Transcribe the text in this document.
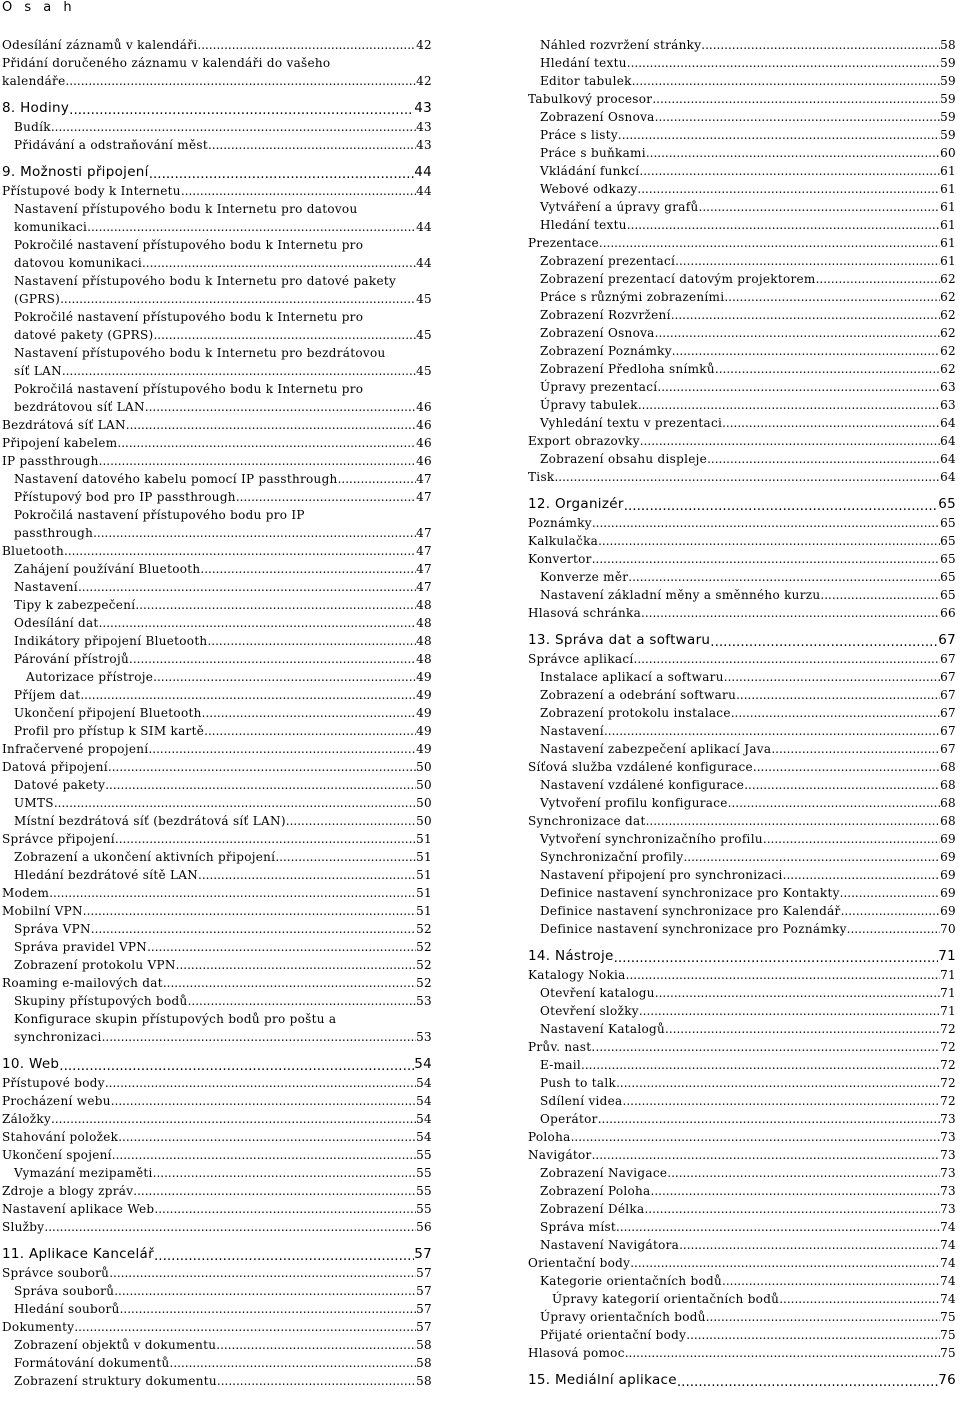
O s a h
Odesílání záznamů v kalendáři .....	42
Přidání doručeného záznamu v kalendáři do vašeho
kalendáře .....	42
8. Hodiny .....	43
Budík .....	43
Přidávání a odstraňování měst .....	43
9. Možnosti připojení .....	44
Přístupové body k Internetu .....	44
Nastavení přístupového bodu k Internetu pro datovou
komunikaci .....	44
Pokročilé nastavení přístupového bodu k Internetu pro
datovou komunikaci .....	44
Nastavení přístupového bodu k Internetu pro datové pakety
(GPRS) .....	45
Pokročilé nastavení přístupového bodu k Internetu pro
datové pakety (GPRS) .....	45
Nastavení přístupového bodu k Internetu pro bezdrátovou
síť LAN .....	45
Pokročilá nastavení přístupového bodu k Internetu pro
bezdrátovou síť LAN .....	46
Bezdrátová síť LAN .....	46
Připojení kabelem .....	46
IP passthrough .....	46
Nastavení datového kabelu pomocí IP passthrough .....	47
Přístupový bod pro IP passthrough .....	47
Pokročilá nastavení přístupového bodu pro IP
passthrough .....	47
Bluetooth .....	47
Zahájení používání Bluetooth .....	47
Nastavení .....	47
Tipy k zabezpečení .....	48
Odesílání dat .....	48
Indikátory připojení Bluetooth .....	48
Párování přístrojů .....	48
Autorizace přístroje .....	49
Příjem dat .....	49
Ukončení připojení Bluetooth .....	49
Profil pro přístup k SIM kartě .....	49
Infračervené propojení .....	49
Datová připojení .....	50
Datové pakety .....	50
UMTS .....	50
Místní bezdrátová síť (bezdrátová síť LAN) .....	50
Správce připojení .....	51
Zobrazení a ukončení aktivních připojení .....	51
Hledání bezdrátové sítě LAN .....	51
Modem .....	51
Mobilní VPN .....	51
Správa VPN .....	52
Správa pravidel VPN .....	52
Zobrazení protokolu VPN .....	52
Roaming e-mailových dat .....	52
Skupiny přístupových bodů .....	53
Konfigurace skupin přístupových bodů pro poštu a
synchronizaci .....	53
10. Web .....	54
Přístupové body .....	54
Procházení webu .....	54
Záložky .....	54
Stahování položek .....	54
Ukončení spojení .....	55
Vymazání mezipaměti .....	55
Zdroje a blogy zpráv .....	55
Nastavení aplikace Web .....	55
Služby .....	56
11. Aplikace Kancelář .....	57
Správce souborů .....	57
Správa souborů .....	57
Hledání souborů .....	57
Dokumenty .....	57
Zobrazení objektů v dokumentu .....	58
Formátování dokumentů .....	58
Zobrazení struktury dokumentu .....	58
Náhled rozvržení stránky .....	58
Hledání textu .....	59
Editor tabulek .....	59
Tabulkový procesor .....	59
Zobrazení Osnova .....	59
Práce s listy .....	59
Práce s buňkami .....	60
Vkládání funkcí .....	61
Webové odkazy .....	61
Vytváření a úpravy grafů .....	61
Hledání textu .....	61
Prezentace .....	61
Zobrazení prezentací .....	61
Zobrazení prezentací datovým projektorem .....	62
Práce s různými zobrazeními .....	62
Zobrazení Rozvržení .....	62
Zobrazení Osnova .....	62
Zobrazení Poznámky .....	62
Zobrazení Předloha snímků .....	62
Úpravy prezentací .....	63
Úpravy tabulek .....	63
Vyhledání textu v prezentaci .....	64
Export obrazovky .....	64
Zobrazení obsahu displeje .....	64
Tisk .....	64
12. Organizér .....	65
Poznámky .....	65
Kalkulačka .....	65
Konvertor .....	65
Konverze měr .....	65
Nastavení základní měny a směnného kurzu .....	65
Hlasová schránka .....	66
13. Správa dat a softwaru .....	67
Správce aplikací .....	67
Instalace aplikací a softwaru .....	67
Zobrazení a odebrání softwaru .....	67
Zobrazení protokolu instalace .....	67
Nastavení .....	67
Nastavení zabezpečení aplikací Java .....	67
Síťová služba vzdálené konfigurace .....	68
Nastavení vzdálené konfigurace .....	68
Vytvoření profilu konfigurace .....	68
Synchronizace dat .....	68
Vytvoření synchronizačního profilu .....	69
Synchronizační profily .....	69
Nastavení připojení pro synchronizaci .....	69
Definice nastavení synchronizace pro Kontakty .....	69
Definice nastavení synchronizace pro Kalendář .....	69
Definice nastavení synchronizace pro Poznámky .....	70
14. Nástroje .....	71
Katalogy Nokia .....	71
Otevření katalogu .....	71
Otevření složky .....	71
Nastavení Katalogů .....	72
Prův. nast. .....	72
E-mail .....	72
Push to talk .....	72
Sdílení videa .....	72
Operátor .....	73
Poloha .....	73
Navigátor .....	73
Zobrazení Navigace .....	73
Zobrazení Poloha .....	73
Zobrazení Délka .....	73
Správa míst .....	74
Nastavení Navigátora .....	74
Orientační body .....	74
Kategorie orientačních bodů .....	74
Úpravy kategorií orientačních bodů .....	74
Úpravy orientačních bodů .....	75
Přijaté orientační body .....	75
Hlasová pomoc .....	75
15. Mediální aplikace .....	76
